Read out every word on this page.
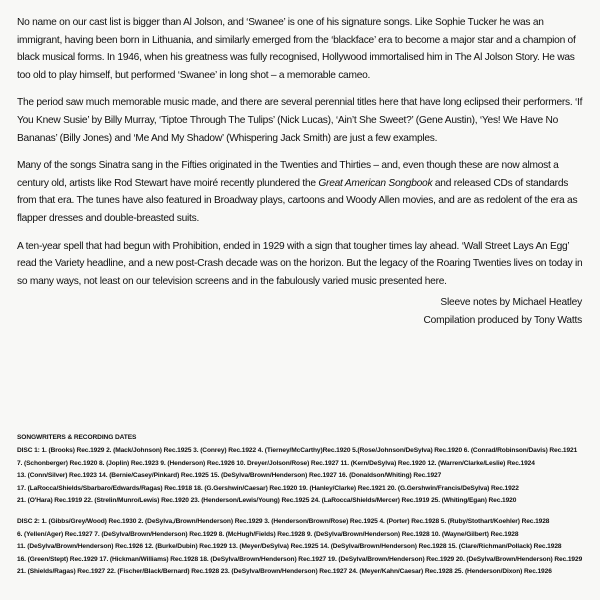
No name on our cast list is bigger than Al Jolson, and ‘Swanee’ is one of his signature songs. Like Sophie Tucker he was an immigrant, having been born in Lithuania, and similarly emerged from the ‘blackface’ era to become a major star and a champion of black musical forms. In 1946, when his greatness was fully recognised, Hollywood immortalised him in The Al Jolson Story. He was too old to play himself, but performed ‘Swanee’ in long shot – a memorable cameo.

The period saw much memorable music made, and there are several perennial titles here that have long eclipsed their performers. ‘If You Knew Susie’ by Billy Murray, ‘Tiptoe Through The Tulips’ (Nick Lucas), ‘Ain’t She Sweet?’ (Gene Austin), ‘Yes! We Have No Bananas’ (Billy Jones) and ‘Me And My Shadow’ (Whispering Jack Smith) are just a few examples.

Many of the songs Sinatra sang in the Fifties originated in the Twenties and Thirties – and, even though these are now almost a century old, artists like Rod Stewart have moiré recently plundered the Great American Songbook and released CDs of standards from that era. The tunes have also featured in Broadway plays, cartoons and Woody Allen movies, and are as redolent of the era as flapper dresses and double-breasted suits.

A ten-year spell that had begun with Prohibition, ended in 1929 with a sign that tougher times lay ahead. ‘Wall Street Lays An Egg’ read the Variety headline, and a new post-Crash decade was on the horizon. But the legacy of the Roaring Twenties lives on today in so many ways, not least on our television screens and in the fabulously varied music presented here.

Sleeve notes by Michael Heatley
Compilation produced by Tony Watts
SONGWRITERS & RECORDING DATES
DISC 1: 1. (Brooks) Rec.1929 2. (Mack/Johnson) Rec.1925 3. (Conrey) Rec.1922 4. (Tierney/McCarthy)Rec.1920 5.(Rose/Johnson/DeSylva) Rec.1920 6. (Conrad/Robinson/Davis) Rec.1921
7. (Schonberger) Rec.1920 8. (Joplin) Rec.1923 9. (Henderson) Rec.1926 10. Dreyer/Jolson/Rose) Rec.1927 11. (Kern/DeSylva) Rec.1920 12. (Warren/Clarke/Leslie) Rec.1924
13. (Conn/Silver) Rec.1923 14. (Bernie/Casey/Pinkard) Rec.1925 15. (DeSylva/Brown/Henderson) Rec.1927 16. (Donaldson/Whiting) Rec.1927
17. (LaRocca/Shields/Sbarbaro/Edwards/Ragas) Rec.1918 18. (G.Gershwin/Caesar) Rec.1920 19. (Hanley/Clarke) Rec.1921 20. (G.Gershwin/Francis/DeSylva) Rec.1922
21. (O'Hara) Rec.1919 22. (Strelin/Munro/Lewis) Rec.1920 23. (Henderson/Lewis/Young) Rec.1925 24. (LaRocca/Shields/Mercer) Rec.1919 25. (Whiting/Egan) Rec.1920
DISC 2: 1. (Gibbs/Grey/Wood) Rec.1930 2. (DeSylva,/Brown/Henderson) Rec.1929 3. (Henderson/Brown/Rose) Rec.1925 4. (Porter) Rec.1928 5. (Ruby/Stothart/Koehler) Rec.1928
6. (Yellen/Ager) Rec.1927 7. (DeSylva/Brown/Henderson) Rec.1929 8. (McHugh/Fields) Rec.1928 9. (DeSylva/Brown/Henderson) Rec.1928 10. (Wayne/Gilbert) Rec.1928
11. (DeSylva/Brown/Henderson) Rec.1926 12. (Burke/Dubin) Rec.1929 13. (Meyer/DeSylva) Rec.1925 14. (DeSylva/Brown/Henderson) Rec.1928 15. (Clare/Richman/Pollack) Rec.1928
16. (Green/Stept) Rec.1929 17. (Hickman/Williams) Rec.1928 18. (DeSylva/Brown/Henderson) Rec.1927 19. (DeSylva/Brown/Henderson) Rec.1929 20. (DeSylva/Brown/Henderson) Rec.1929
21. (Shields/Ragas) Rec.1927 22. (Fischer/Black/Bernard) Rec.1928 23. (DeSylva/Brown/Henderson) Rec.1927 24. (Meyer/Kahn/Caesar) Rec.1928 25. (Henderson/Dixon) Rec.1926
